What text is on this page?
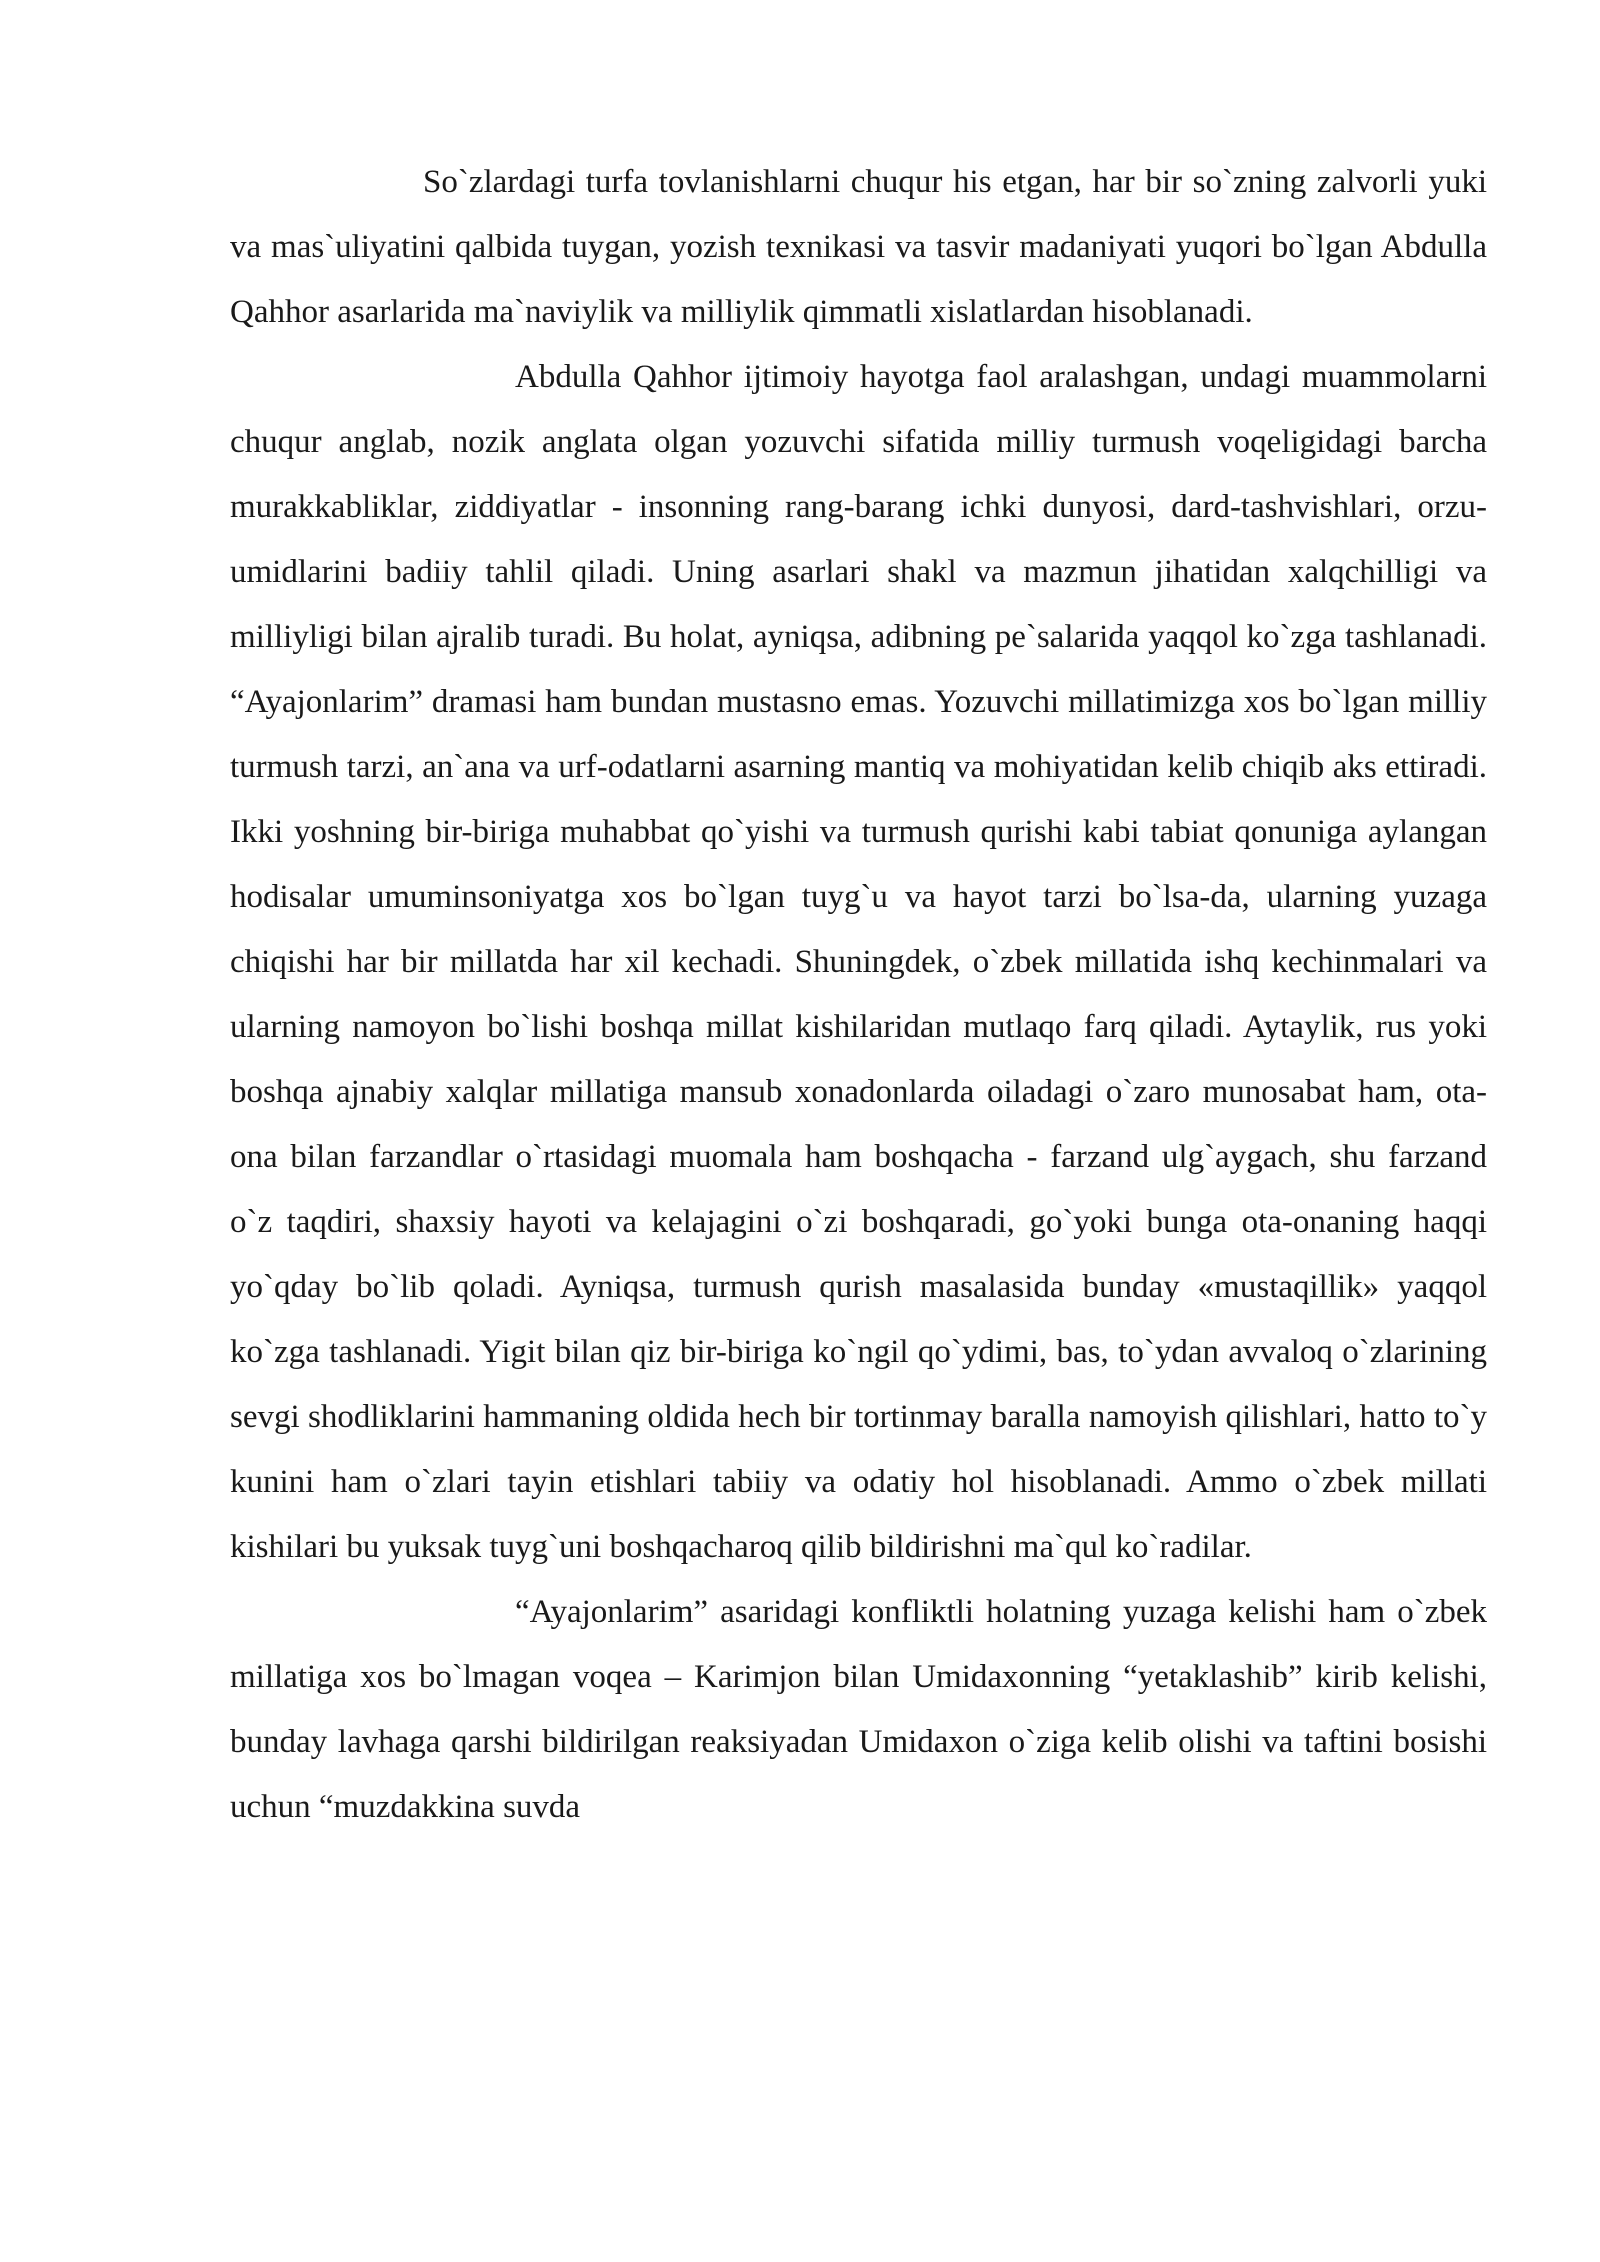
So`zlardagi turfa tovlanishlarni chuqur his etgan, har bir so`zning zalvorli yuki va mas`uliyatini qalbida tuygan, yozish texnikasi va tasvir madaniyati yuqori bo`lgan Abdulla Qahhor asarlarida ma`naviylik va milliylik qimmatli xislatlardan hisoblanadi.

Abdulla Qahhor ijtimoiy hayotga faol aralashgan, undagi muammolarni chuqur anglab, nozik anglata olgan yozuvchi sifatida milliy turmush voqeligidagi barcha murakkabliklar, ziddiyatlar - insonning rang-barang ichki dunyosi, dard-tashvishlari, orzu-umidlarini badiiy tahlil qiladi. Uning asarlari shakl va mazmun jihatidan xalqchilligi va milliyligi bilan ajralib turadi. Bu holat, ayniqsa, adibning pe`salarida yaqqol ko`zga tashlanadi. “Ayajonlarim” dramasi ham bundan mustasno emas. Yozuvchi millatimizga xos bo`lgan milliy turmush tarzi, an`ana va urf-odatlarni asarning mantiq va mohiyatidan kelib chiqib aks ettiradi. Ikki yoshning bir-biriga muhabbat qo`yishi va turmush qurishi kabi tabiat qonuniga aylangan hodisalar umuminsoniyatga xos bo`lgan tuyg`u va hayot tarzi bo`lsa-da, ularning yuzaga chiqishi har bir millatda har xil kechadi. Shuningdek, o`zbek millatida ishq kechinmalari va ularning namoyon bo`lishi boshqa millat kishilaridan mutlaqo farq qiladi. Aytaylik, rus yoki boshqa ajnabiy xalqlar millatiga mansub xonadonlarda oiladagi o`zaro munosabat ham, ota-ona bilan farzandlar o`rtasidagi muomala ham boshqacha - farzand ulg`aygach, shu farzand o`z taqdiri, shaxsiy hayoti va kelajagini o`zi boshqaradi, go`yoki bunga ota-onaning haqqi yo`qday bo`lib qoladi. Ayniqsa, turmush qurish masalasida bunday «mustaqillik» yaqqol ko`zga tashlanadi. Yigit bilan qiz bir-biriga ko`ngil qo`ydimi, bas, to`ydan avvaloq o`zlarining sevgi shodliklarini hammaning oldida hech bir tortinmay baralla namoyish qilishlari, hatto to`y kunini ham o`zlari tayin etishlari tabiiy va odatiy hol hisoblanadi. Ammo o`zbek millati kishilari bu yuksak tuyg`uni boshqacharoq qilib bildirishni ma`qul ko`radilar.

“Ayajonlarim” asaridagi konfliktli holatning yuzaga kelishi ham o`zbek millatiga xos bo`lmagan voqea – Karimjon bilan Umidaxonning “yetaklashib” kirib kelishi, bunday lavhaga qarshi bildirilgan reaksiyadan Umidaxon o`ziga kelib olishi va taftini bosishi uchun “muzdakkina suvda
